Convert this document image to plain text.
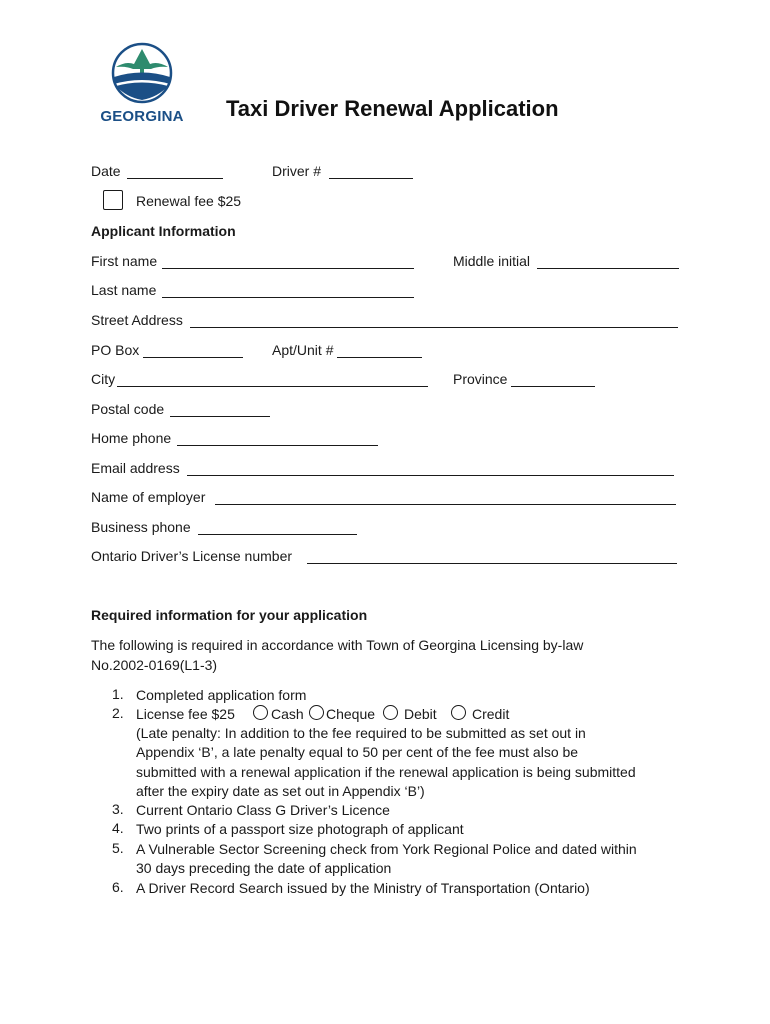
GEORGINA Taxi Driver Renewal Application
Date	Driver #
Renewal fee $25
Applicant Information
First name	Middle initial
Last name
Street Address
PO Box	Apt/Unit #
City	Province
Postal code
Home phone
Email address
Name of employer
Business phone
Ontario Driver’s License number
Required information for your application
The following is required in accordance with Town of Georgina Licensing by-law
No.2002-0169(L1-3)
1. Completed application form
2. License fee $25	Cash Cheque Debit	Credit
(Late penalty: In addition to the fee required to be submitted as set out in
Appendix ‘B’, a late penalty equal to 50 per cent of the fee must also be
submitted with a renewal application if the renewal application is being submitted
after the expiry date as set out in Appendix ‘B’)
3. Current Ontario Class G Driver’s Licence
4. Two prints of a passport size photograph of applicant
5. A Vulnerable Sector Screening check from York Regional Police and dated within
30 days preceding the date of application
6. A Driver Record Search issued by the Ministry of Transportation (Ontario)
